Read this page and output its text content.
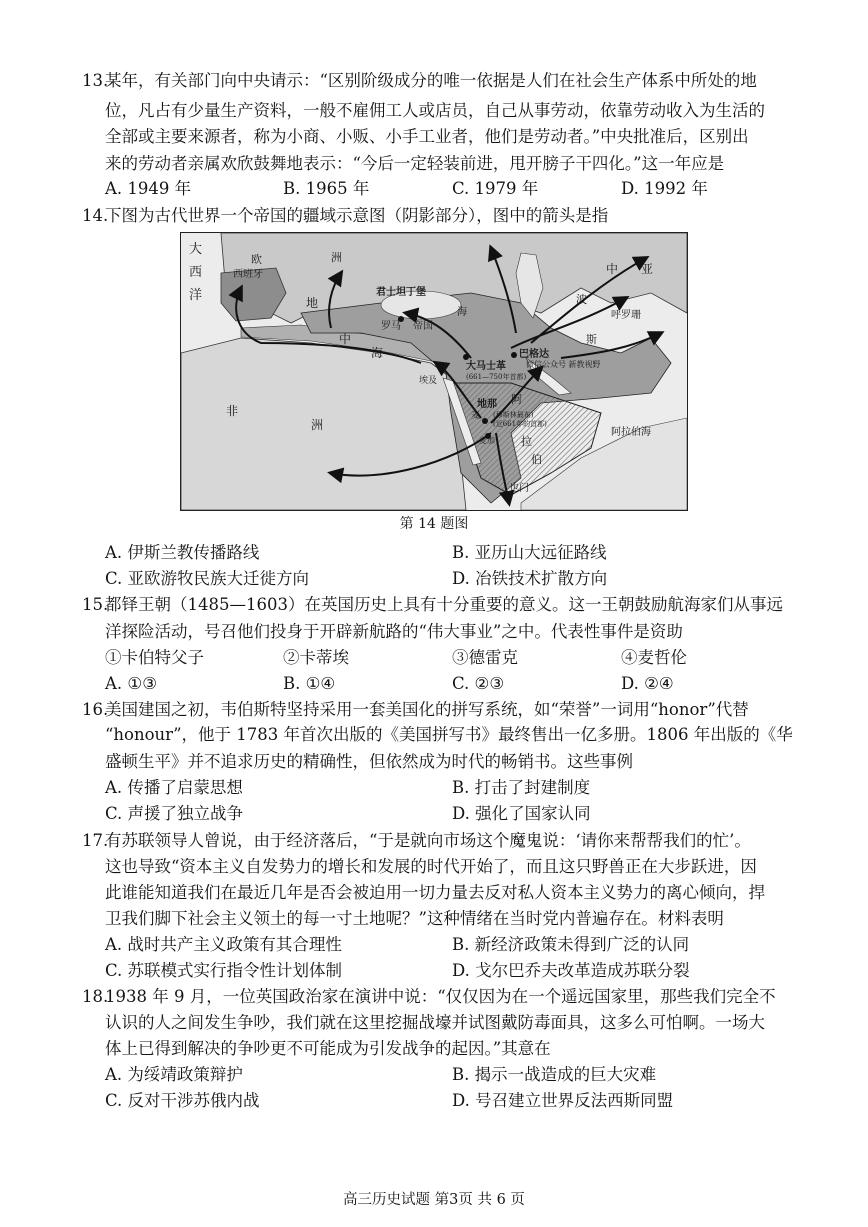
13.
某年，有关部门向中央请示：“区别阶级成分的唯一依据是人们在社会生产体系中所处的地
位，凡占有少量生产资料，一般不雇佣工人或店员，自己从事劳动，依靠劳动收入为生活的
全部或主要来源者，称为小商、小贩、小手工业者，他们是劳动者。”中央批准后，区别出
来的劳动者亲属欢欣鼓舞地表示：“今后一定轻装前进，甩开膀子干四化。”这一年应是
A. 1949 年	B. 1965 年	C. 1979 年	D. 1992 年
14.
下图为古代世界一个帝国的疆域示意图（阴影部分），图中的箭头是指
大
西
洋
欧
西班牙
洲
地
中
海
君士坦丁堡
罗马 帝国
海
中 亚
呼罗珊
波
斯
巴格达
微信公众号 新教视野
大马士革
(661—750年首都)
埃及
麦
地那
(穆斯林最布)
(近661年的首都)
麦加
阿
拉
伯
也门
阿拉伯海
非
洲
第 14 题图
A. 伊斯兰教传播路线	B. 亚历山大远征路线
C. 亚欧游牧民族大迁徙方向	D. 冶铁技术扩散方向
15.
都铎王朝（1485—1603）在英国历史上具有十分重要的意义。这一王朝鼓励航海家们从事远
洋探险活动，号召他们投身于开辟新航路的“伟大事业”之中。代表性事件是资助
①卡伯特父子	②卡蒂埃	③德雷克	④麦哲伦
A. ①③	B. ①④	C. ②③	D. ②④
16.
美国建国之初，韦伯斯特坚持采用一套美国化的拼写系统，如“荣誉”一词用“honor”代替
“honour”，他于 1783 年首次出版的《美国拼写书》最终售出一亿多册。1806 年出版的《华
盛顿生平》并不追求历史的精确性，但依然成为时代的畅销书。这些事例
A. 传播了启蒙思想	B. 打击了封建制度
C. 声援了独立战争	D. 强化了国家认同
17.
有苏联领导人曾说，由于经济落后，“于是就向市场这个魔鬼说：‘请你来帮帮我们的忙’。
这也导致“资本主义自发势力的增长和发展的时代开始了，而且这只野兽正在大步跃进，因
此谁能知道我们在最近几年是否会被迫用一切力量去反对私人资本主义势力的离心倾向，捍
卫我们脚下社会主义领土的每一寸土地呢？”这种情绪在当时党内普遍存在。材料表明
A. 战时共产主义政策有其合理性	B. 新经济政策未得到广泛的认同
C. 苏联模式实行指令性计划体制	D. 戈尔巴乔夫改革造成苏联分裂
18.
1938 年 9 月，一位英国政治家在演讲中说：“仅仅因为在一个遥远国家里，那些我们完全不
认识的人之间发生争吵，我们就在这里挖掘战壕并试图戴防毒面具，这多么可怕啊。一场大
体上已得到解决的争吵更不可能成为引发战争的起因。”其意在
A. 为绥靖政策辩护	B. 揭示一战造成的巨大灾难
C. 反对干涉苏俄内战	D. 号召建立世界反法西斯同盟
高三历史试题 第3页 共 6 页
